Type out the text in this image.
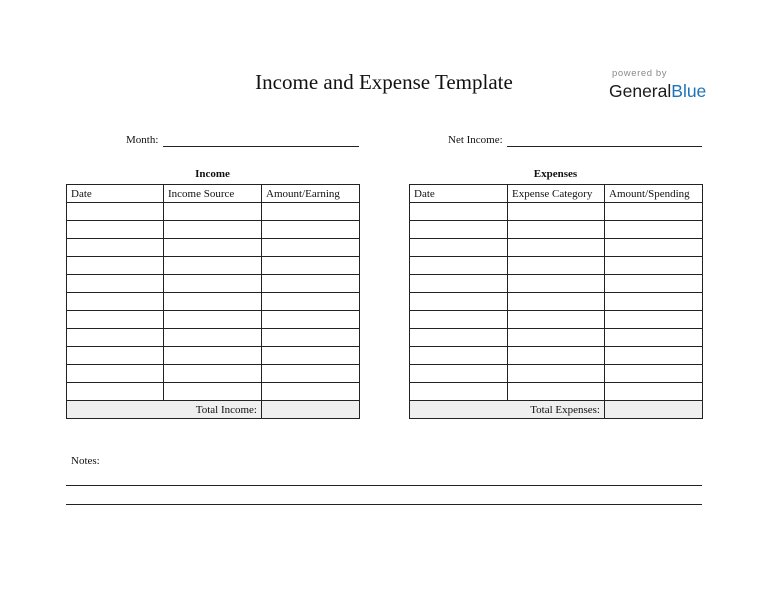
Income and Expense Template	powered by
GeneralBlue
Month:	Net Income:
Income
Date	Income Source	Amount/Earning

Total Income:		
Expenses
Date	Expense Category	Amount/Spending

Total Expenses:		
Notes:
